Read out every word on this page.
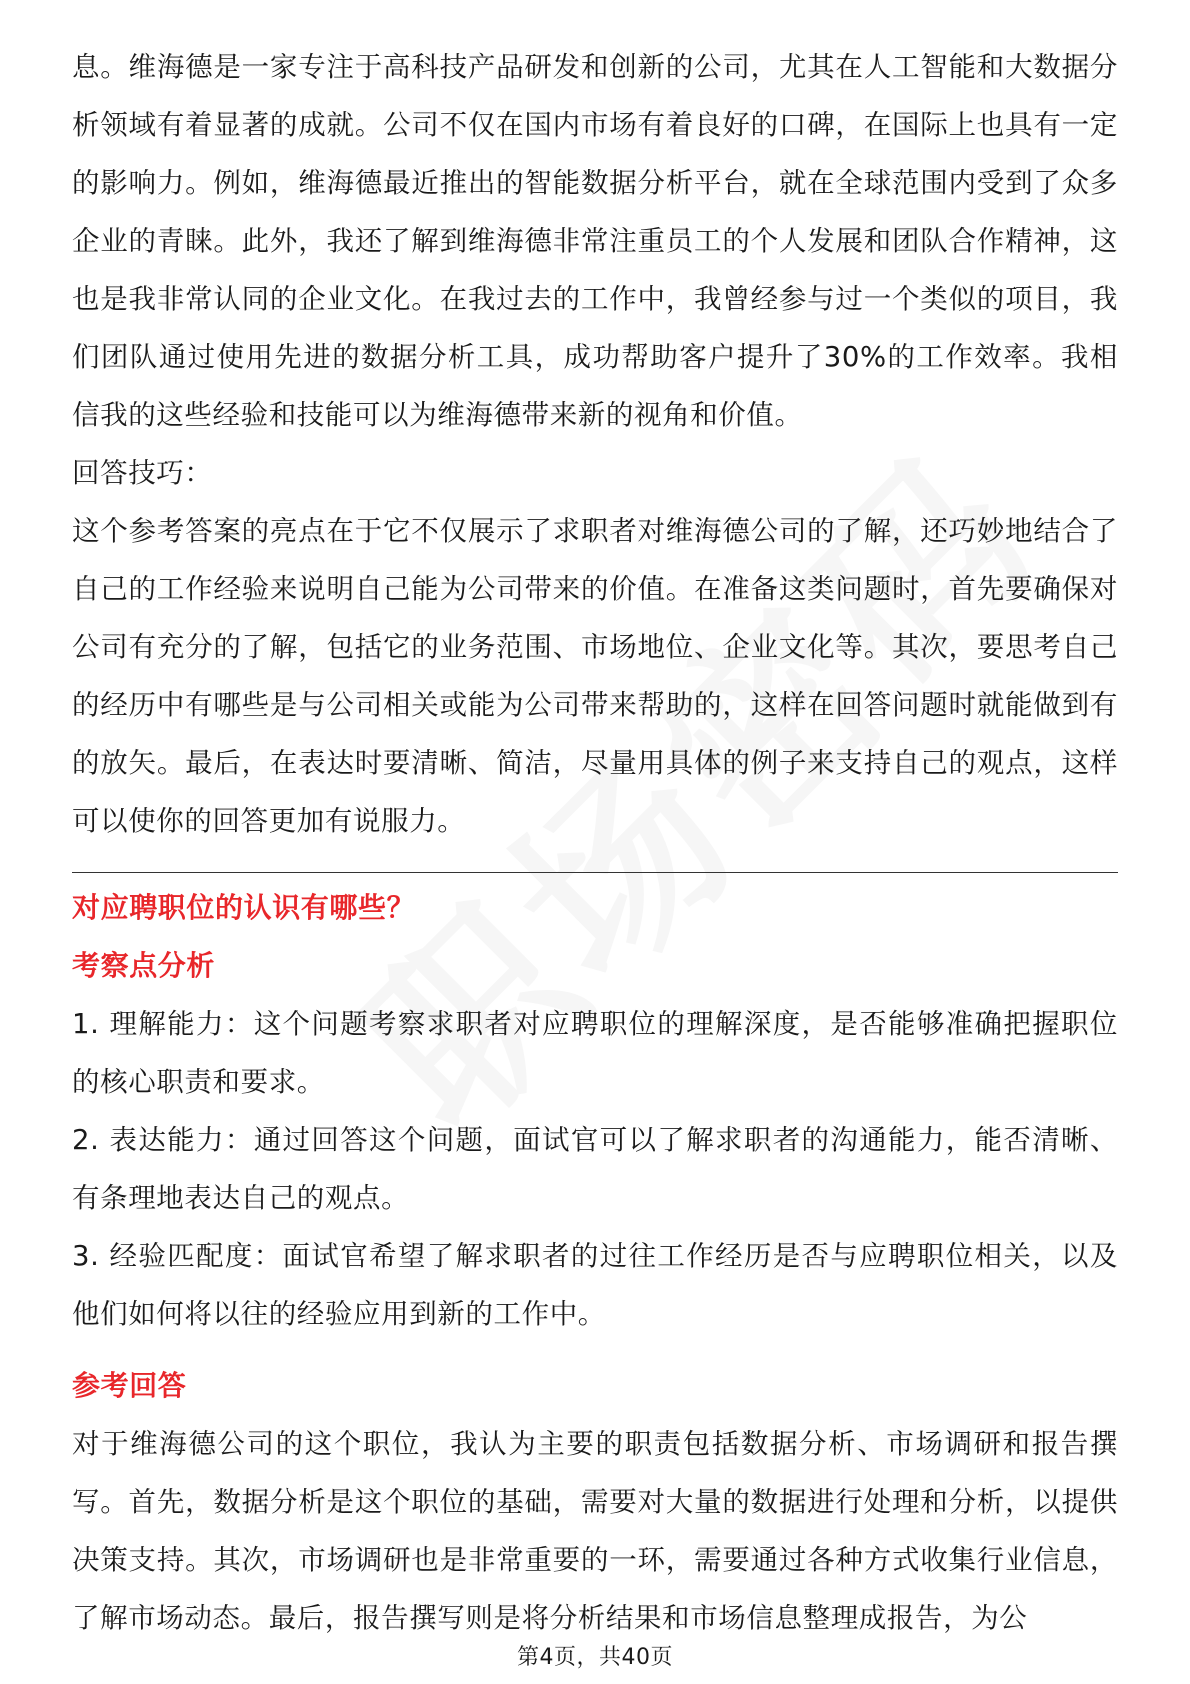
息。维海德是一家专注于高科技产品研发和创新的公司，尤其在人工智能和大数据分析领域有着显著的成就。公司不仅在国内市场有着良好的口碑，在国际上也具有一定的影响力。例如，维海德最近推出的智能数据分析平台，就在全球范围内受到了众多企业的青睐。此外，我还了解到维海德非常注重员工的个人发展和团队合作精神，这也是我非常认同的企业文化。在我过去的工作中，我曾经参与过一个类似的项目，我们团队通过使用先进的数据分析工具，成功帮助客户提升了30%的工作效率。我相信我的这些经验和技能可以为维海德带来新的视角和价值。

回答技巧：

这个参考答案的亮点在于它不仅展示了求职者对维海德公司的了解，还巧妙地结合了自己的工作经验来说明自己能为公司带来的价值。在准备这类问题时，首先要确保对公司有充分的了解，包括它的业务范围、市场地位、企业文化等。其次，要思考自己的经历中有哪些是与公司相关或能为公司带来帮助的，这样在回答问题时就能做到有的放矢。最后，在表达时要清晰、简洁，尽量用具体的例子来支持自己的观点，这样可以使你的回答更加有说服力。

对应聘职位的认识有哪些？

考察点分析

1. 理解能力：这个问题考察求职者对应聘职位的理解深度，是否能够准确把握职位的核心职责和要求。

2. 表达能力：通过回答这个问题，面试官可以了解求职者的沟通能力，能否清晰、有条理地表达自己的观点。

3. 经验匹配度：面试官希望了解求职者的过往工作经历是否与应聘职位相关，以及他们如何将以往的经验应用到新的工作中。

参考回答

对于维海德公司的这个职位，我认为主要的职责包括数据分析、市场调研和报告撰写。首先，数据分析是这个职位的基础，需要对大量的数据进行处理和分析，以提供决策支持。其次，市场调研也是非常重要的一环，需要通过各种方式收集行业信息，了解市场动态。最后，报告撰写则是将分析结果和市场信息整理成报告，为公

第4页，共40页
